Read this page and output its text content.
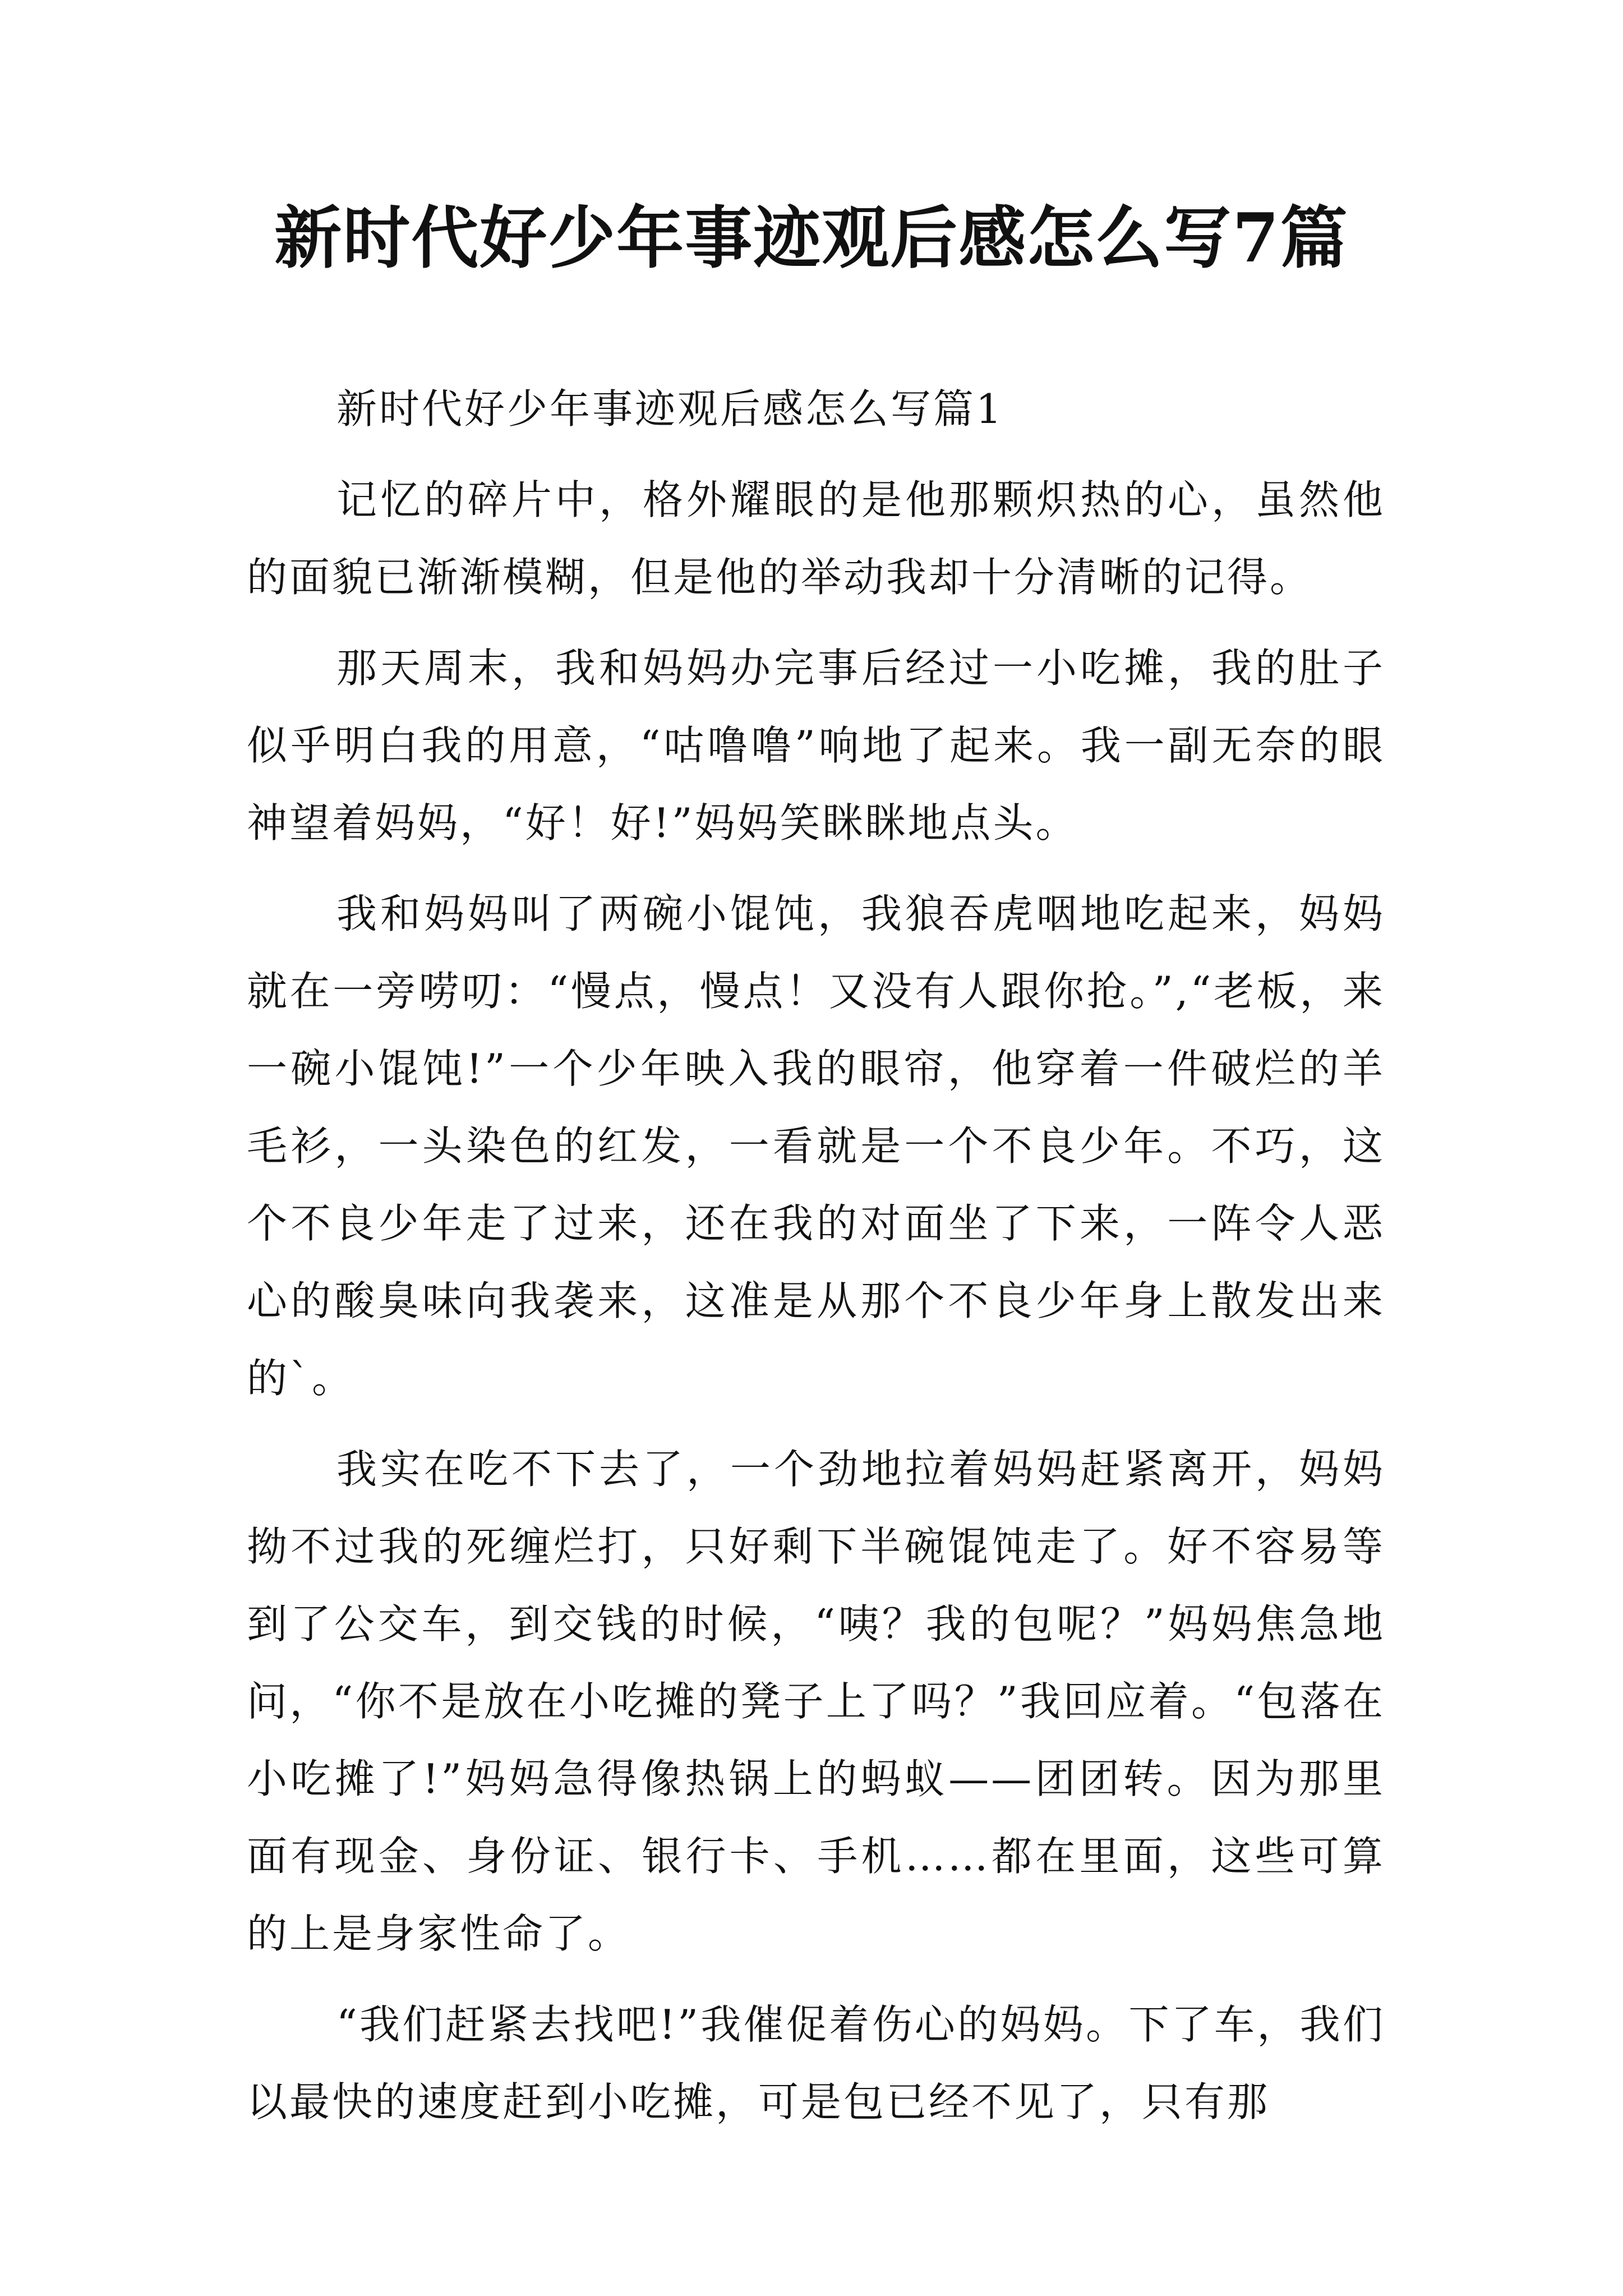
新时代好少年事迹观后感怎么写7篇

新时代好少年事迹观后感怎么写篇1

记忆的碎片中，格外耀眼的是他那颗炽热的心，虽然他的面貌已渐渐模糊，但是他的举动我却十分清晰的记得。

那天周末，我和妈妈办完事后经过一小吃摊，我的肚子似乎明白我的用意，“咕噜噜”响地了起来。我一副无奈的眼神望着妈妈，“好！好!”妈妈笑眯眯地点头。

我和妈妈叫了两碗小馄饨，我狼吞虎咽地吃起来，妈妈就在一旁唠叨：“慢点，慢点！又没有人跟你抢。”,“老板，来一碗小馄饨!”一个少年映入我的眼帘，他穿着一件破烂的羊毛衫，一头染色的红发，一看就是一个不良少年。不巧，这个不良少年走了过来，还在我的对面坐了下来，一阵令人恶心的酸臭味向我袭来，这准是从那个不良少年身上散发出来的`。

我实在吃不下去了，一个劲地拉着妈妈赶紧离开，妈妈拗不过我的死缠烂打，只好剩下半碗馄饨走了。好不容易等到了公交车，到交钱的时候，“咦？我的包呢？”妈妈焦急地问，“你不是放在小吃摊的凳子上了吗？”我回应着。“包落在小吃摊了!”妈妈急得像热锅上的蚂蚁——团团转。因为那里面有现金、身份证、银行卡、手机……都在里面，这些可算的上是身家性命了。

“我们赶紧去找吧!”我催促着伤心的妈妈。下了车，我们以最快的速度赶到小吃摊，可是包已经不见了，只有那
